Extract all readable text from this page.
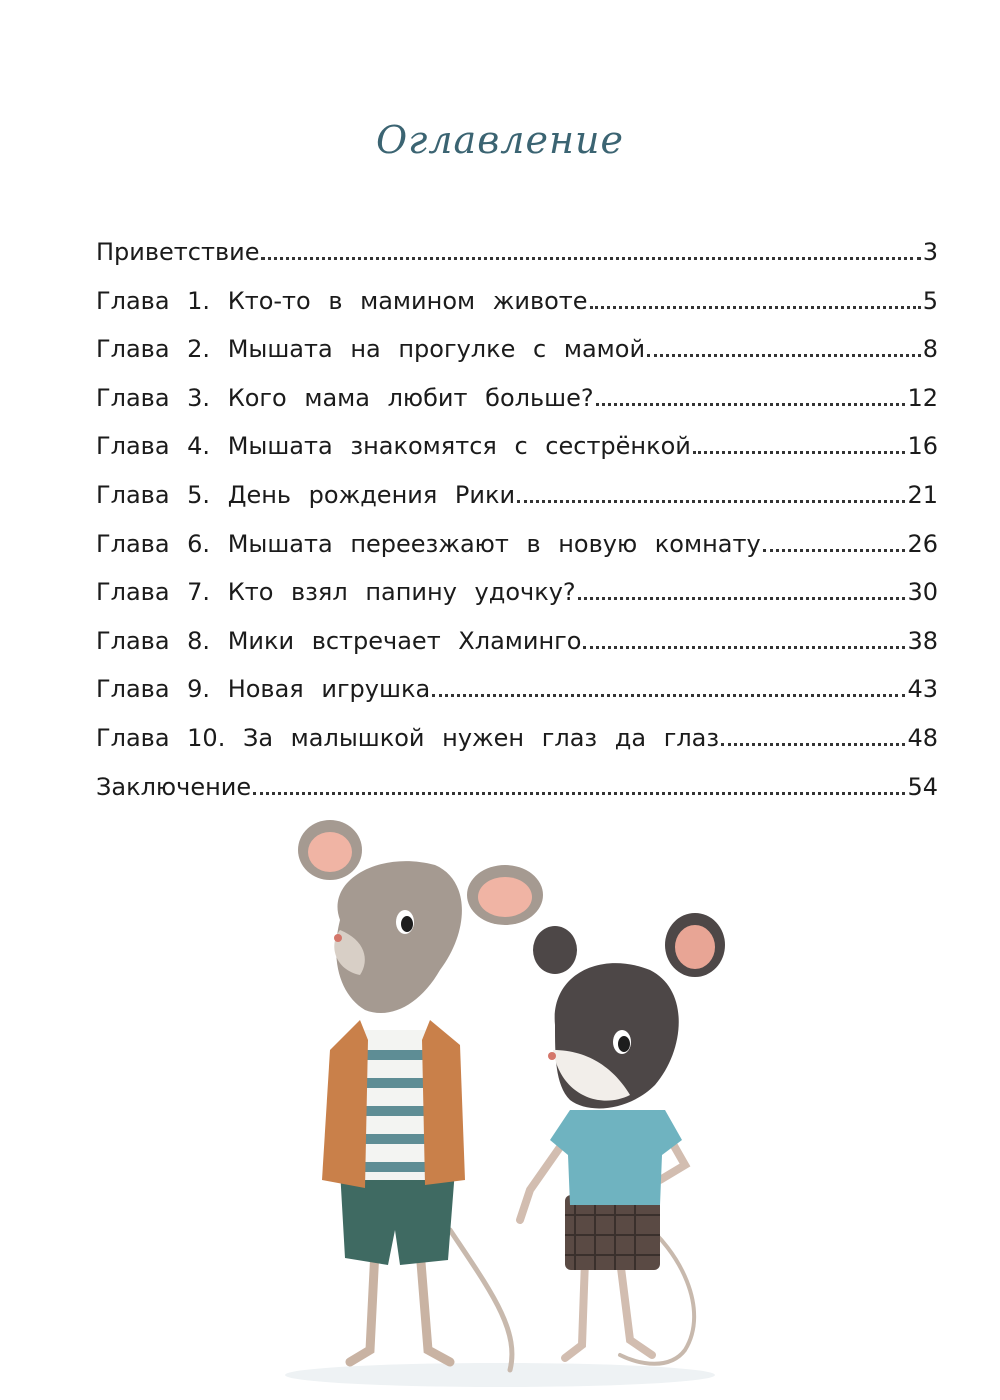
Оглавление
Приветствие	3
Глава 1. Кто-то в мамином животе	5
Глава 2. Мышата на прогулке с мамой	8
Глава 3. Кого мама любит больше?	12
Глава 4. Мышата знакомятся с сестрёнкой	16
Глава 5. День рождения Рики	21
Глава 6. Мышата переезжают в новую комнату	26
Глава 7. Кто взял папину удочку?	30
Глава 8. Мики встречает Хламинго	38
Глава 9. Новая игрушка	43
Глава 10. За малышкой нужен глаз да глаз	48
Заключение	54
